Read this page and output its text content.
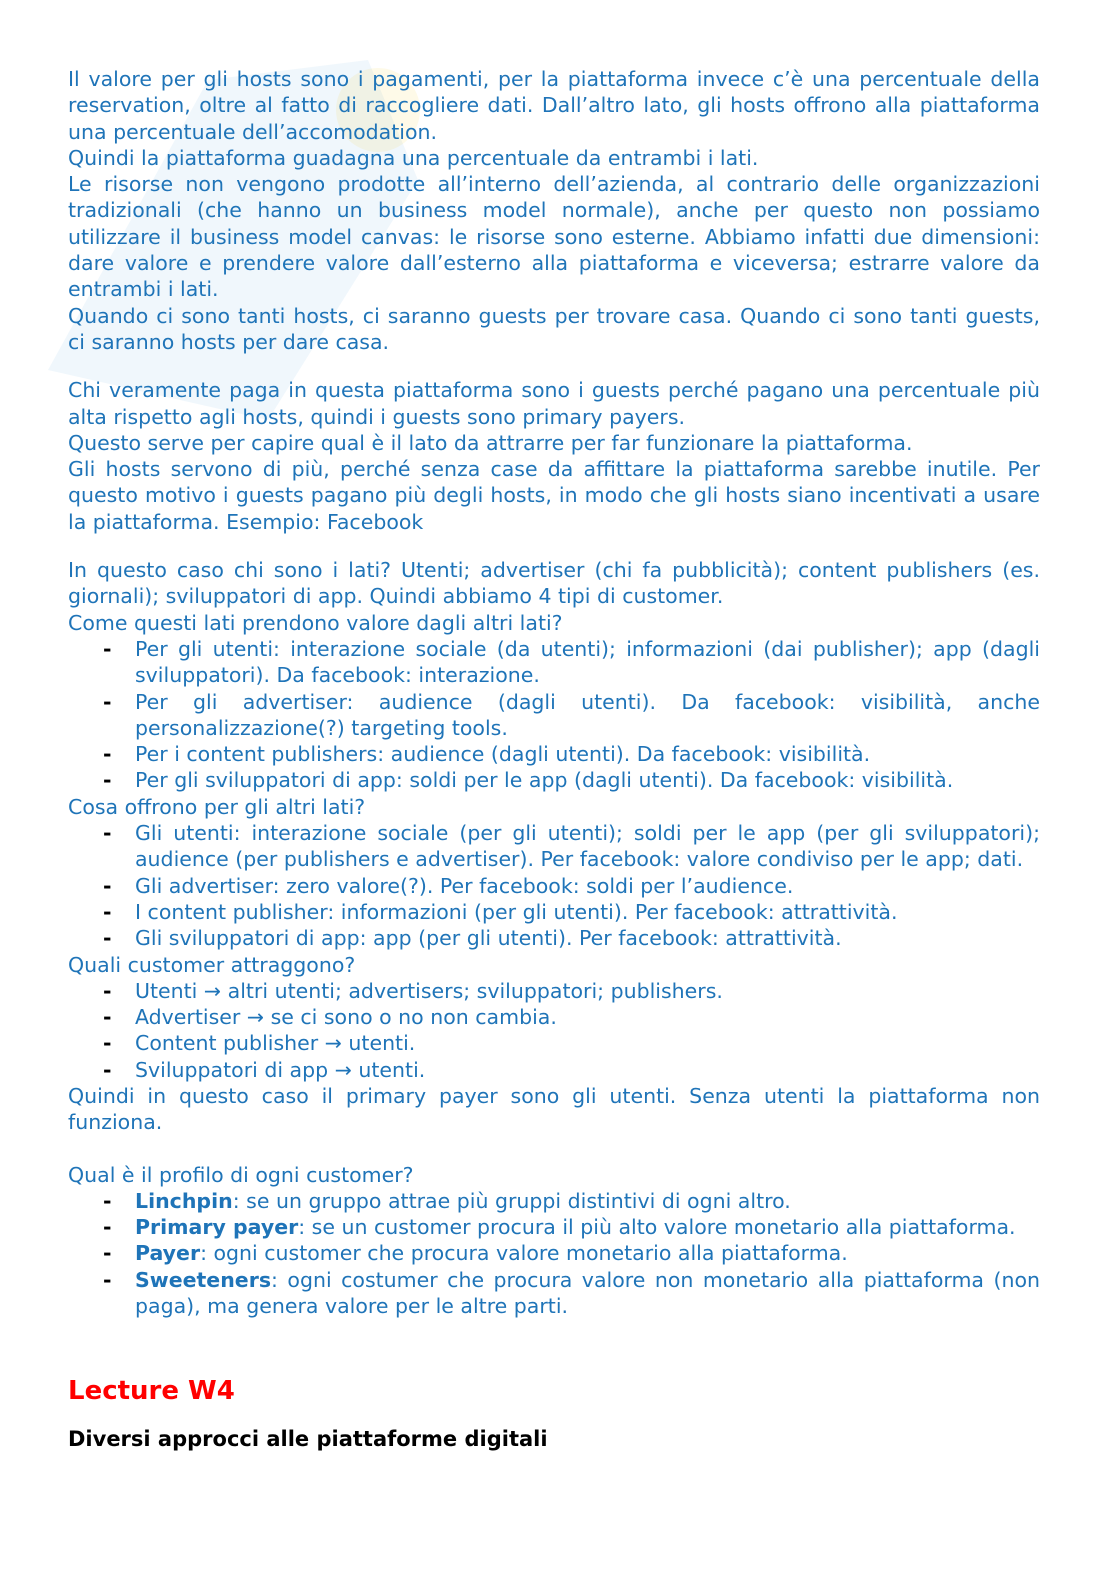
Il valore per gli hosts sono i pagamenti, per la piattaforma invece c’è una percentuale della reservation, oltre al fatto di raccogliere dati. Dall’altro lato, gli hosts offrono alla piattaforma una percentuale dell’accomodation.

Quindi la piattaforma guadagna una percentuale da entrambi i lati.

Le risorse non vengono prodotte all’interno dell’azienda, al contrario delle organizzazioni tradizionali (che hanno un business model normale), anche per questo non possiamo utilizzare il business model canvas: le risorse sono esterne. Abbiamo infatti due dimensioni: dare valore e prendere valore dall’esterno alla piattaforma e viceversa; estrarre valore da entrambi i lati.

Quando ci sono tanti hosts, ci saranno guests per trovare casa. Quando ci sono tanti guests, ci saranno hosts per dare casa.

Chi veramente paga in questa piattaforma sono i guests perché pagano una percentuale più alta rispetto agli hosts, quindi i guests sono primary payers.

Questo serve per capire qual è il lato da attrarre per far funzionare la piattaforma.

Gli hosts servono di più, perché senza case da affittare la piattaforma sarebbe inutile. Per questo motivo i guests pagano più degli hosts, in modo che gli hosts siano incentivati a usare la piattaforma. Esempio: Facebook

In questo caso chi sono i lati? Utenti; advertiser (chi fa pubblicità); content publishers (es. giornali); sviluppatori di app. Quindi abbiamo 4 tipi di customer.

Come questi lati prendono valore dagli altri lati?

- Per gli utenti: interazione sociale (da utenti); informazioni (dai publisher); app (dagli sviluppatori). Da facebook: interazione.
- Per gli advertiser: audience (dagli utenti). Da facebook: visibilità, anche personalizzazione(?) targeting tools.
- Per i content publishers: audience (dagli utenti). Da facebook: visibilità.
- Per gli sviluppatori di app: soldi per le app (dagli utenti). Da facebook: visibilità.

Cosa offrono per gli altri lati?

- Gli utenti: interazione sociale (per gli utenti); soldi per le app (per gli sviluppatori); audience (per publishers e advertiser). Per facebook: valore condiviso per le app; dati.
- Gli advertiser: zero valore(?). Per facebook: soldi per l’audience.
- I content publisher: informazioni (per gli utenti). Per facebook: attrattività.
- Gli sviluppatori di app: app (per gli utenti). Per facebook: attrattività.

Quali customer attraggono?

- Utenti → altri utenti; advertisers; sviluppatori; publishers.
- Advertiser → se ci sono o no non cambia.
- Content publisher → utenti.
- Sviluppatori di app → utenti.

Quindi in questo caso il primary payer sono gli utenti. Senza utenti la piattaforma non funziona.

Qual è il profilo di ogni customer?

- Linchpin: se un gruppo attrae più gruppi distintivi di ogni altro.
- Primary payer: se un customer procura il più alto valore monetario alla piattaforma.
- Payer: ogni customer che procura valore monetario alla piattaforma.
- Sweeteners: ogni costumer che procura valore non monetario alla piattaforma (non paga), ma genera valore per le altre parti.
Lecture W4
Diversi approcci alle piattaforme digitali
